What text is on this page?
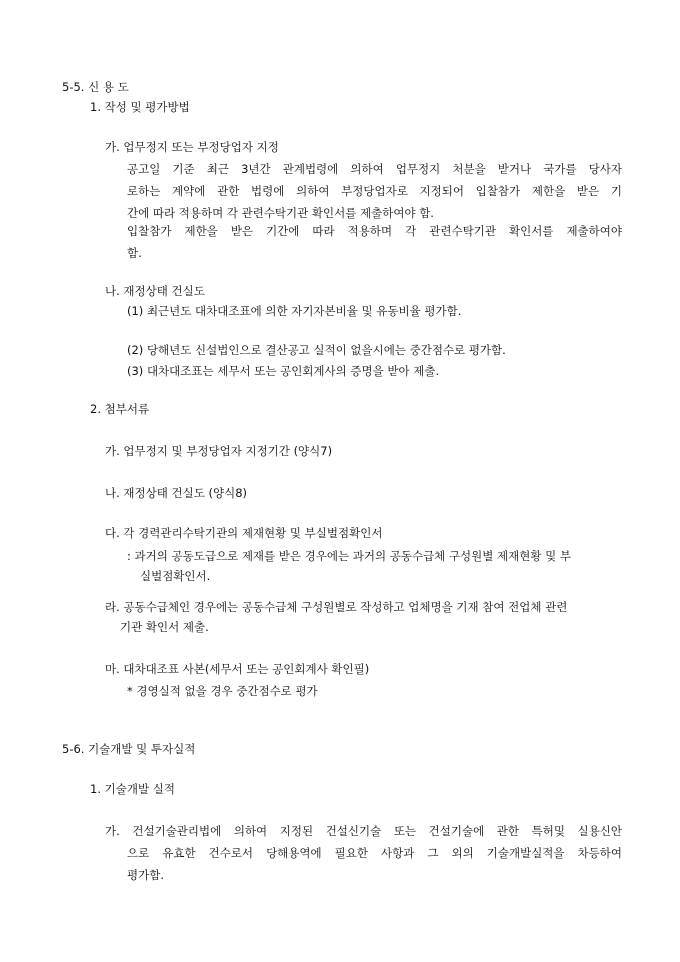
5-5. 신 용 도
1. 작성 및 평가방법
가. 업무정지 또는 부정당업자 지정
공고일 기준 최근 3년간 관계법령에 의하여 업무정지 처분을 받거나 국가를 당사자
로하는 계약에 관한 법령에 의하여 부정당업자로 지정되어 입찰참가 제한을 받은 기
간에 따라 적용하며 각 관련수탁기관 확인서를 제출하여야 함.
입찰참가 제한을 받은 기간에 따라 적용하며 각 관련수탁기관 확인서를 제출하여야
함.
나. 재정상태 건실도
(1) 최근년도 대차대조표에 의한 자기자본비율 및 유동비율 평가함.
(2) 당해년도 신설법인으로 결산공고 실적이 없을시에는 중간점수로 평가함.
(3) 대차대조표는 세무서 또는 공인회계사의 증명을 받아 제출.
2. 첨부서류
가. 업무정지 및 부정당업자 지정기간 (양식7)
나. 재정상태 건실도 (양식8)
다. 각 경력관리수탁기관의 제재현황 및 부실벌점확인서
: 과거의 공동도급으로 제재를 받은 경우에는 과거의 공동수급체 구성원별 제재현황 및 부
실벌점확인서.
라. 공동수급체인 경우에는 공동수급체 구성원별로 작성하고 업체명을 기재 참여 전업체 관련
기관 확인서 제출.
마. 대차대조표 사본(세무서 또는 공인회계사 확인필)
* 경영실적 없을 경우 중간점수로 평가
5-6. 기술개발 및 투자실적
1. 기술개발 실적
가. 건설기술관리법에 의하여 지정된 건설신기술 또는 건설기술에 관한 특허및 실용신안
으로 유효한 건수로서 당해용역에 필요한 사항과 그 외의 기술개발실적을 차등하여
평가함.
